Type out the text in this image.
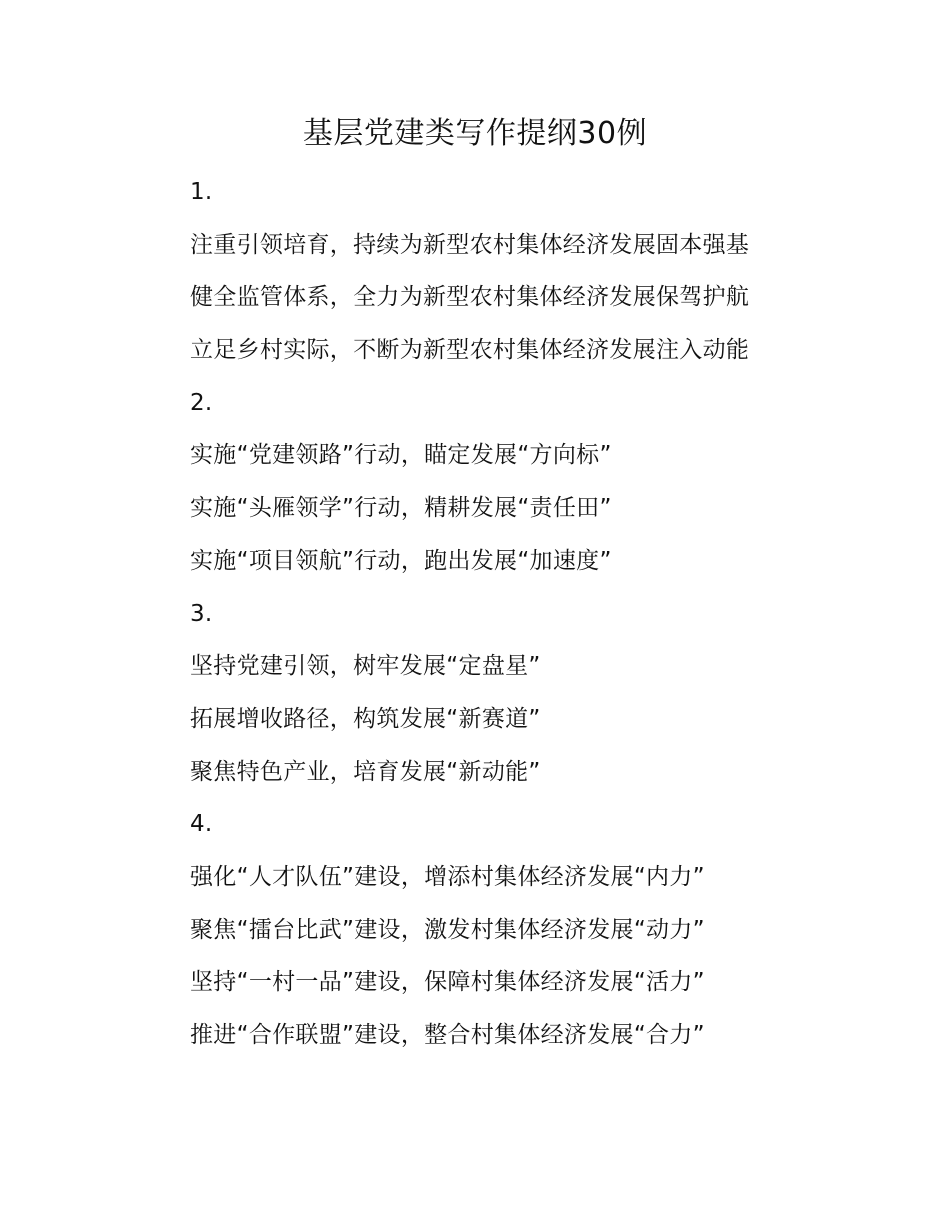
基层党建类写作提纲30例
1.
注重引领培育，持续为新型农村集体经济发展固本强基
健全监管体系，全力为新型农村集体经济发展保驾护航
立足乡村实际，不断为新型农村集体经济发展注入动能
2.
实施“党建领路”行动，瞄定发展“方向标”
实施“头雁领学”行动，精耕发展“责任田”
实施“项目领航”行动，跑出发展“加速度”
3.
坚持党建引领，树牢发展“定盘星”
拓展增收路径，构筑发展“新赛道”
聚焦特色产业，培育发展“新动能”
4.
强化“人才队伍”建设，增添村集体经济发展“内力”
聚焦“擂台比武”建设，激发村集体经济发展“动力”
坚持“一村一品”建设，保障村集体经济发展“活力”
推进“合作联盟”建设，整合村集体经济发展“合力”
